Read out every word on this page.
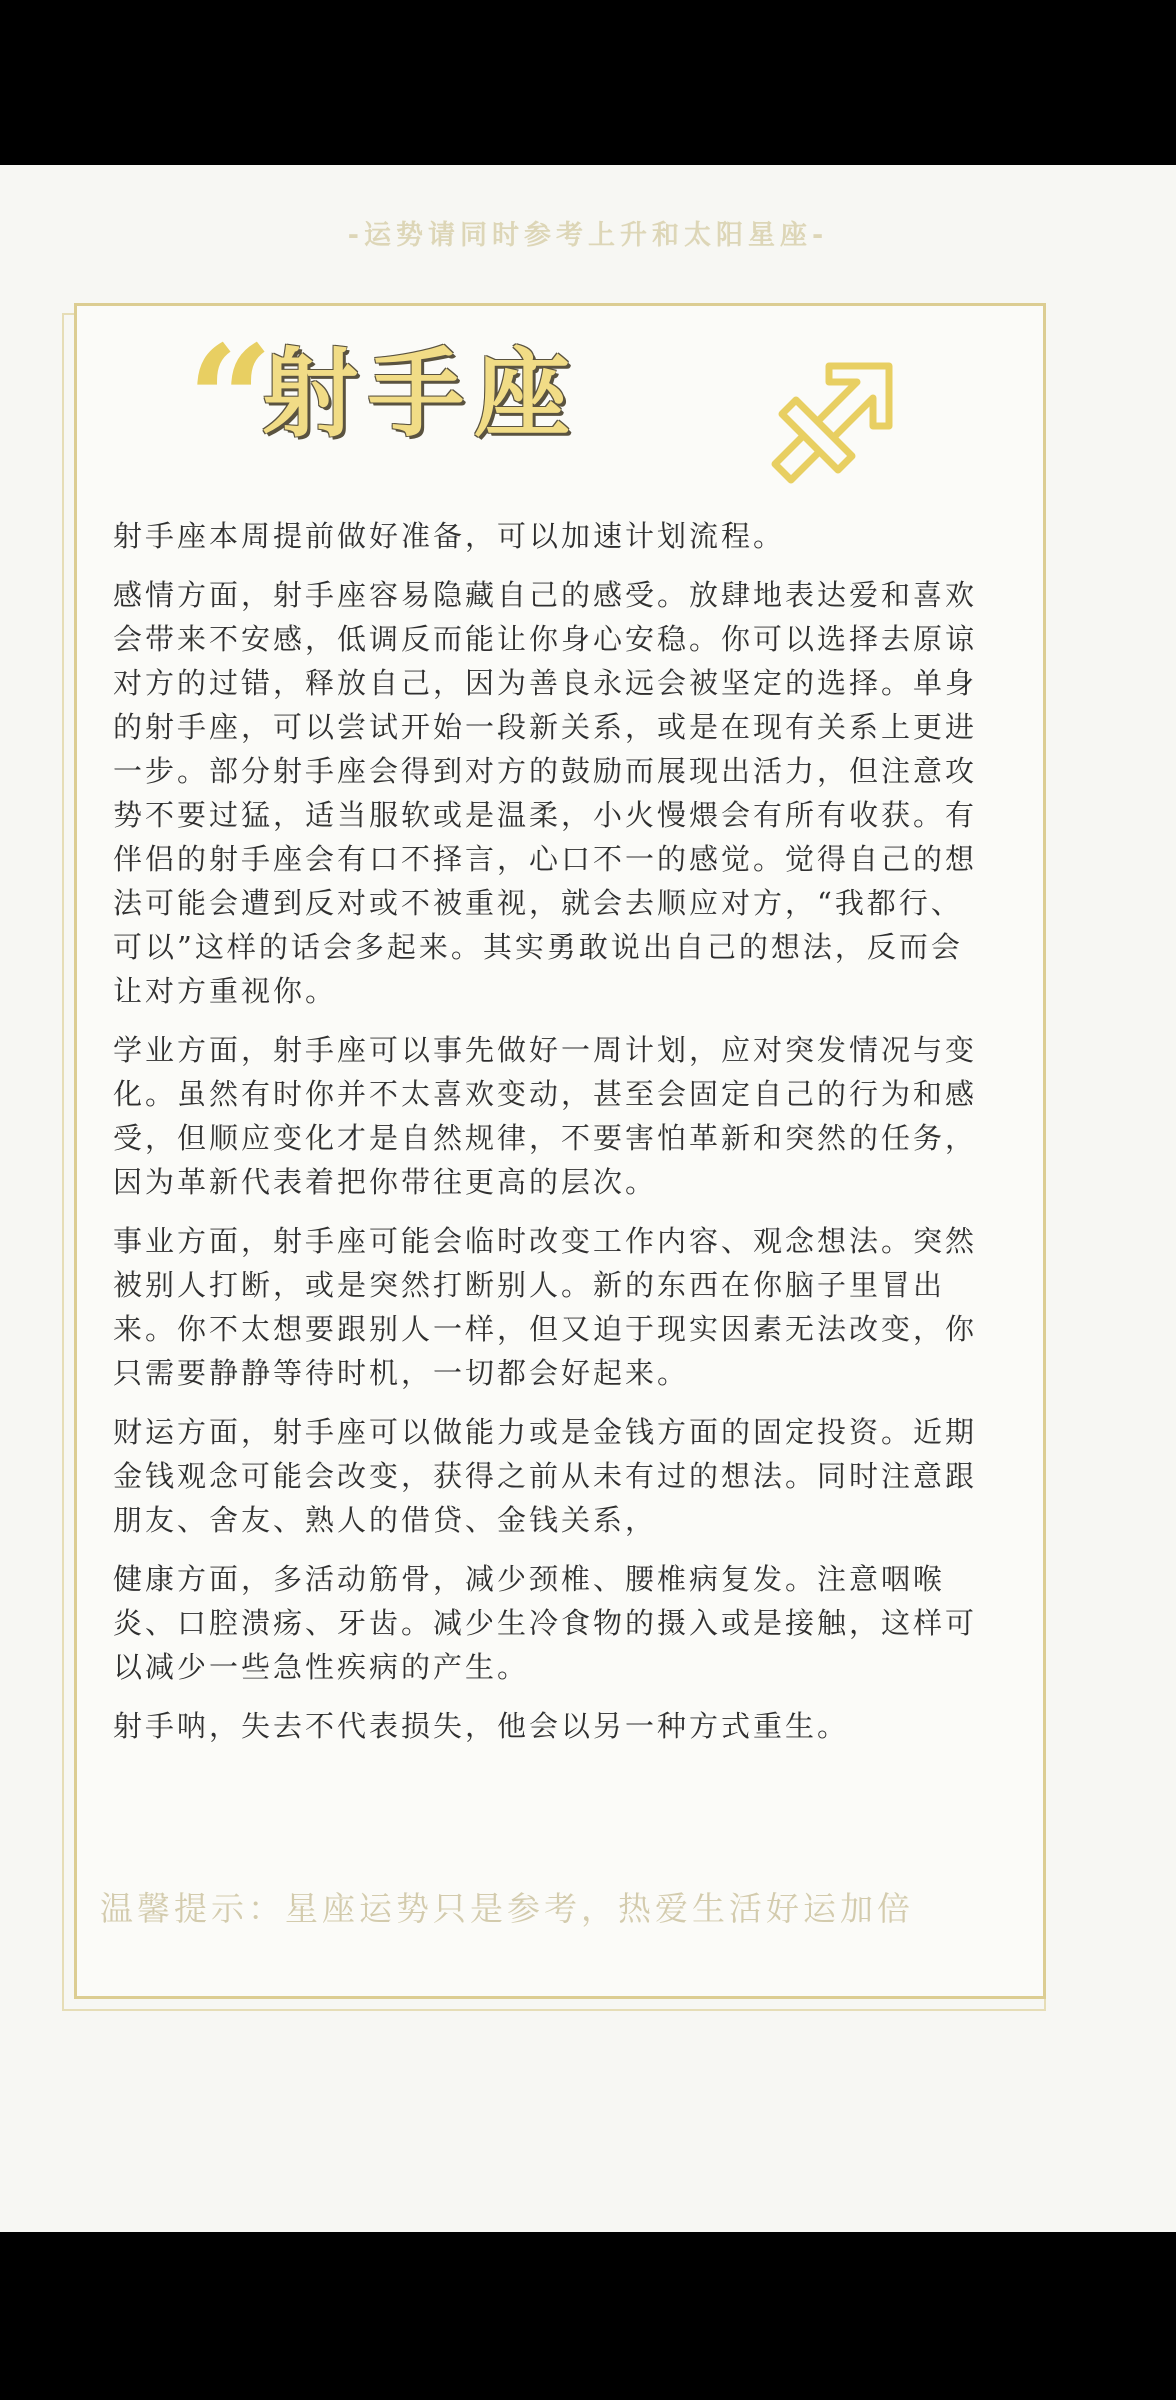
-运势请同时参考上升和太阳星座-
“
射手座

射手座本周提前做好准备，可以加速计划流程。

感情方面，射手座容易隐藏自己的感受。放肆地表达爱和喜欢会带来不安感，低调反而能让你身心安稳。你可以选择去原谅对方的过错，释放自己，因为善良永远会被坚定的选择。单身的射手座，可以尝试开始一段新关系，或是在现有关系上更进一步。部分射手座会得到对方的鼓励而展现出活力，但注意攻势不要过猛，适当服软或是温柔，小火慢煨会有所有收获。有伴侣的射手座会有口不择言，心口不一的感觉。觉得自己的想法可能会遭到反对或不被重视，就会去顺应对方，“我都行、可以”这样的话会多起来。其实勇敢说出自己的想法，反而会让对方重视你。

学业方面，射手座可以事先做好一周计划，应对突发情况与变化。虽然有时你并不太喜欢变动，甚至会固定自己的行为和感受，但顺应变化才是自然规律，不要害怕革新和突然的任务，因为革新代表着把你带往更高的层次。

事业方面，射手座可能会临时改变工作内容、观念想法。突然被别人打断，或是突然打断别人。新的东西在你脑子里冒出来。你不太想要跟别人一样，但又迫于现实因素无法改变，你只需要静静等待时机，一切都会好起来。

财运方面，射手座可以做能力或是金钱方面的固定投资。近期金钱观念可能会改变，获得之前从未有过的想法。同时注意跟朋友、舍友、熟人的借贷、金钱关系，

健康方面，多活动筋骨，减少颈椎、腰椎病复发。注意咽喉炎、口腔溃疡、牙齿。减少生冷食物的摄入或是接触，这样可以减少一些急性疾病的产生。

射手呐，失去不代表损失，他会以另一种方式重生。

温馨提示：星座运势只是参考，热爱生活好运加倍
